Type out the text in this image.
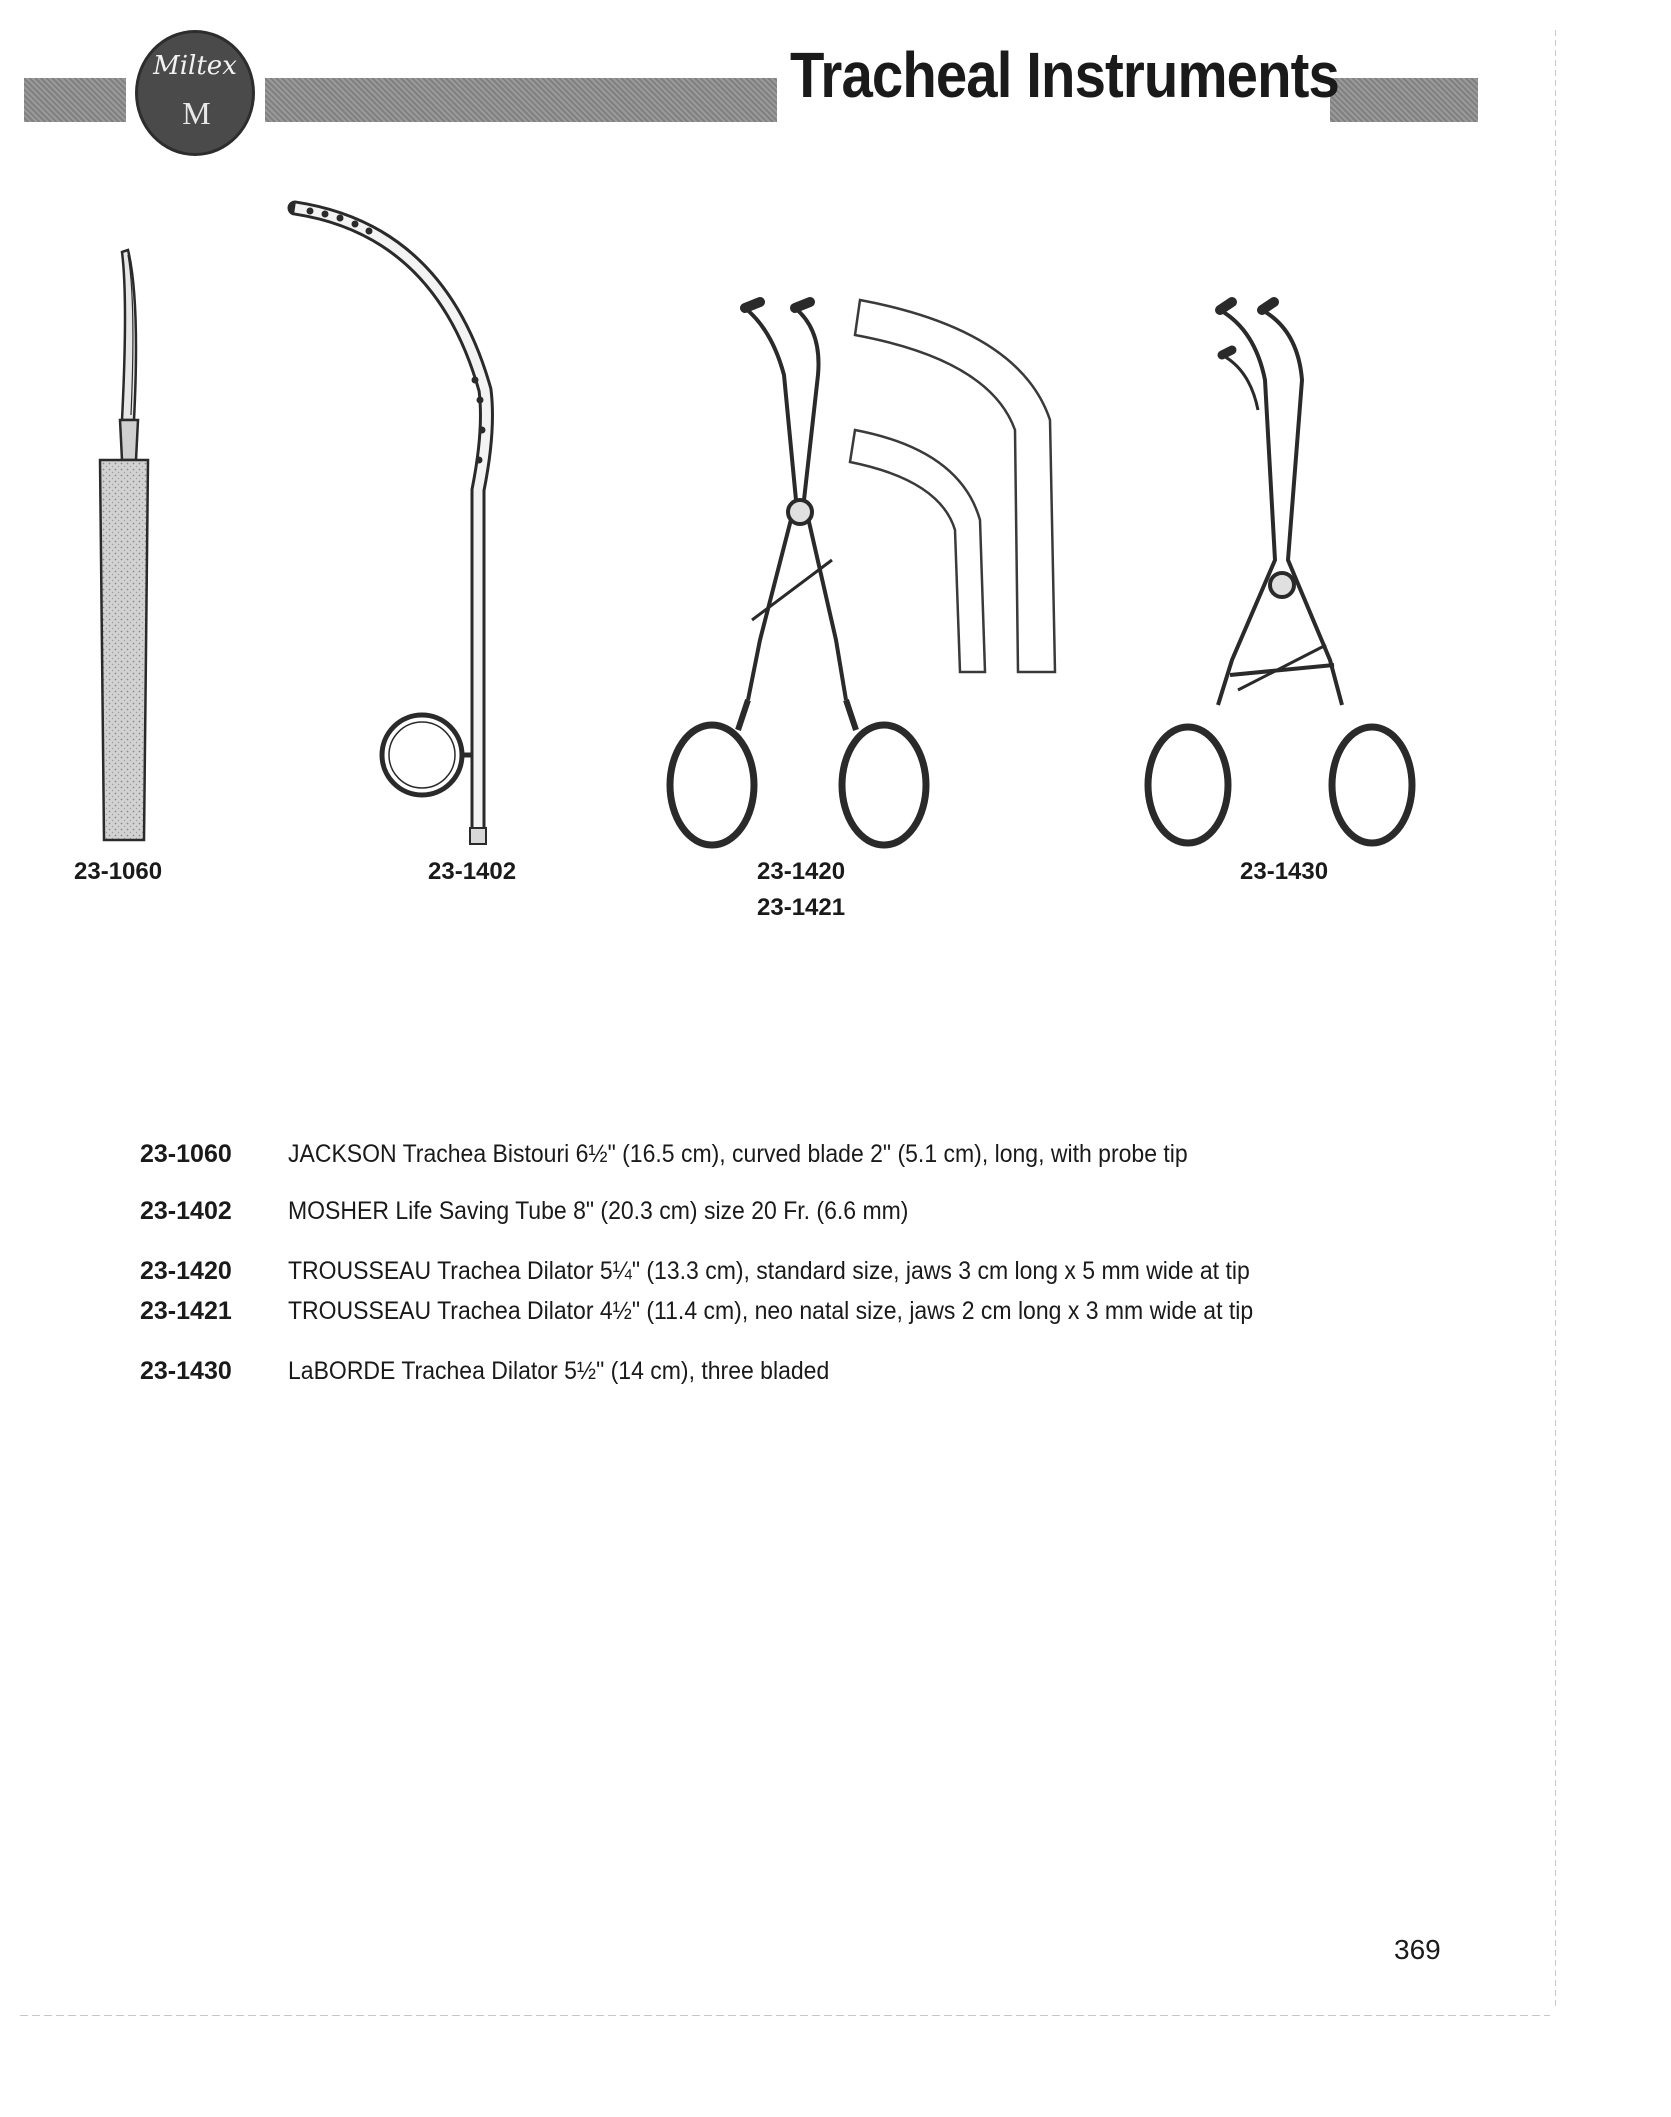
Miltex
M
Tracheal Instruments
23-1060	23-1402	23-1420
23-1421
23-1430
23-1060	JACKSON Trachea Bistouri 6½" (16.5 cm), curved blade 2" (5.1 cm), long, with probe tip
23-1402	MOSHER Life Saving Tube 8" (20.3 cm) size 20 Fr. (6.6 mm)
23-1420	TROUSSEAU Trachea Dilator 5¼" (13.3 cm), standard size, jaws 3 cm long x 5 mm wide at tip
23-1421	TROUSSEAU Trachea Dilator 4½" (11.4 cm), neo natal size, jaws 2 cm long x 3 mm wide at tip
23-1430	LaBORDE Trachea Dilator 5½" (14 cm), three bladed
369
